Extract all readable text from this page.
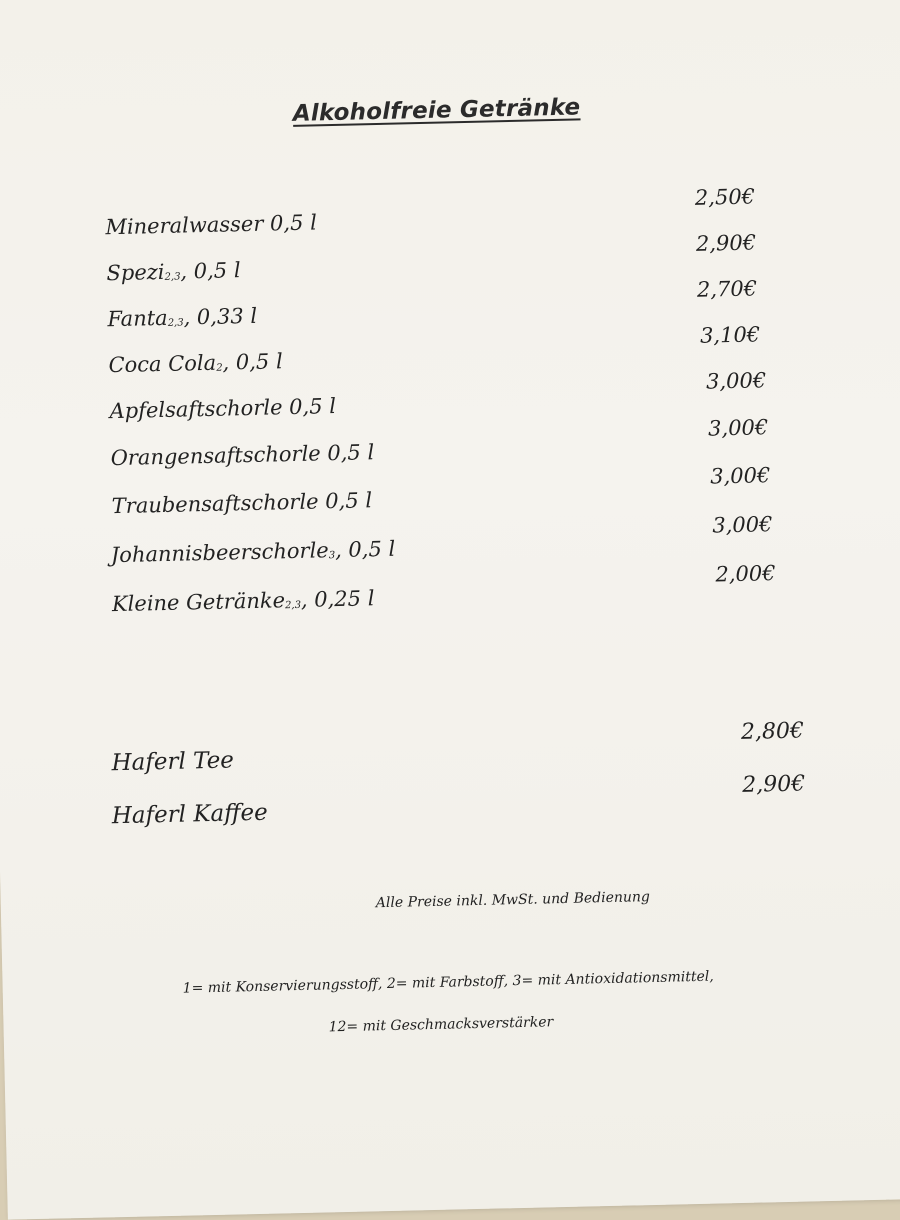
Alkoholfreie Getränke
Mineralwasser 0,5 l
2,50€
Spezi$_{2,3}$, 0,5 l
2,90€
Fanta$_{2,3}$, 0,33 l
2,70€
Coca Cola$_2$, 0,5 l
3,10€
Apfelsaftschorle 0,5 l
3,00€
Orangensaftschorle 0,5 l
3,00€
Traubensaftschorle 0,5 l
3,00€
Johannisbeerschorle$_3$, 0,5 l
3,00€
Kleine Getränke$_{2,3}$, 0,25 l
2,00€
Haferl Tee
2,80€
Haferl Kaffee
2,90€
Alle Preise inkl. MwSt. und Bedienung
1= mit Konservierungsstoff, 2= mit Farbstoff, 3= mit Antioxidationsmittel,
12= mit Geschmacksverstärker
